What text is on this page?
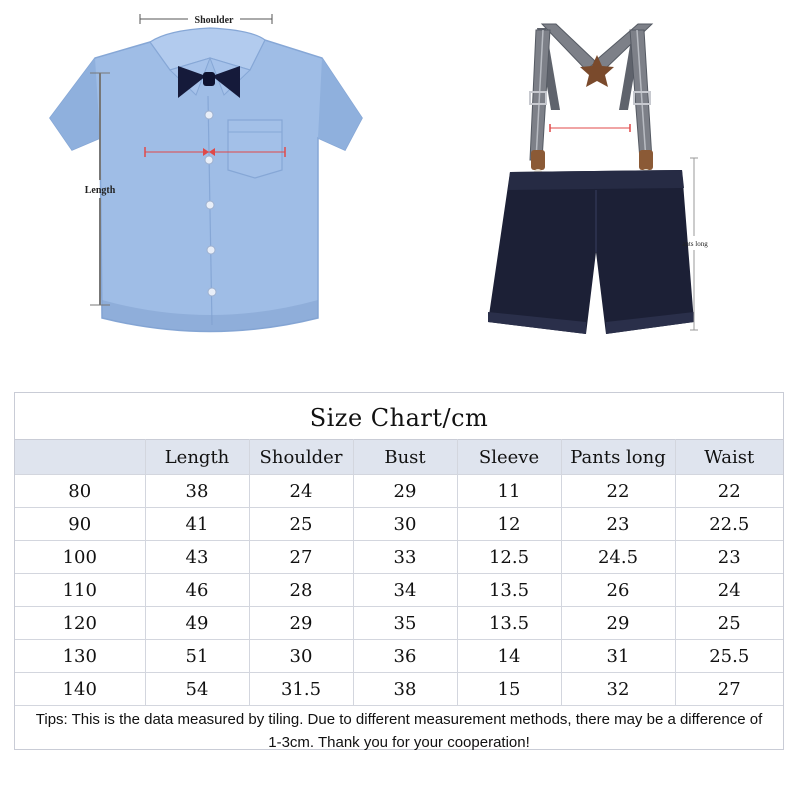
Shoulder
Length
ants long
Size Chart/cm
	Length	Shoulder	Bust	Sleeve	Pants long	Waist
80	38	24	29	11	22	22
90	41	25	30	12	23	22.5
100	43	27	33	12.5	24.5	23
110	46	28	34	13.5	26	24
120	49	29	35	13.5	29	25
130	51	30	36	14	31	25.5
140	54	31.5	38	15	32	27
Tips: This is the data measured by tiling. Due to different measurement methods, there may be a difference of 1-3cm. Thank you for your cooperation!
